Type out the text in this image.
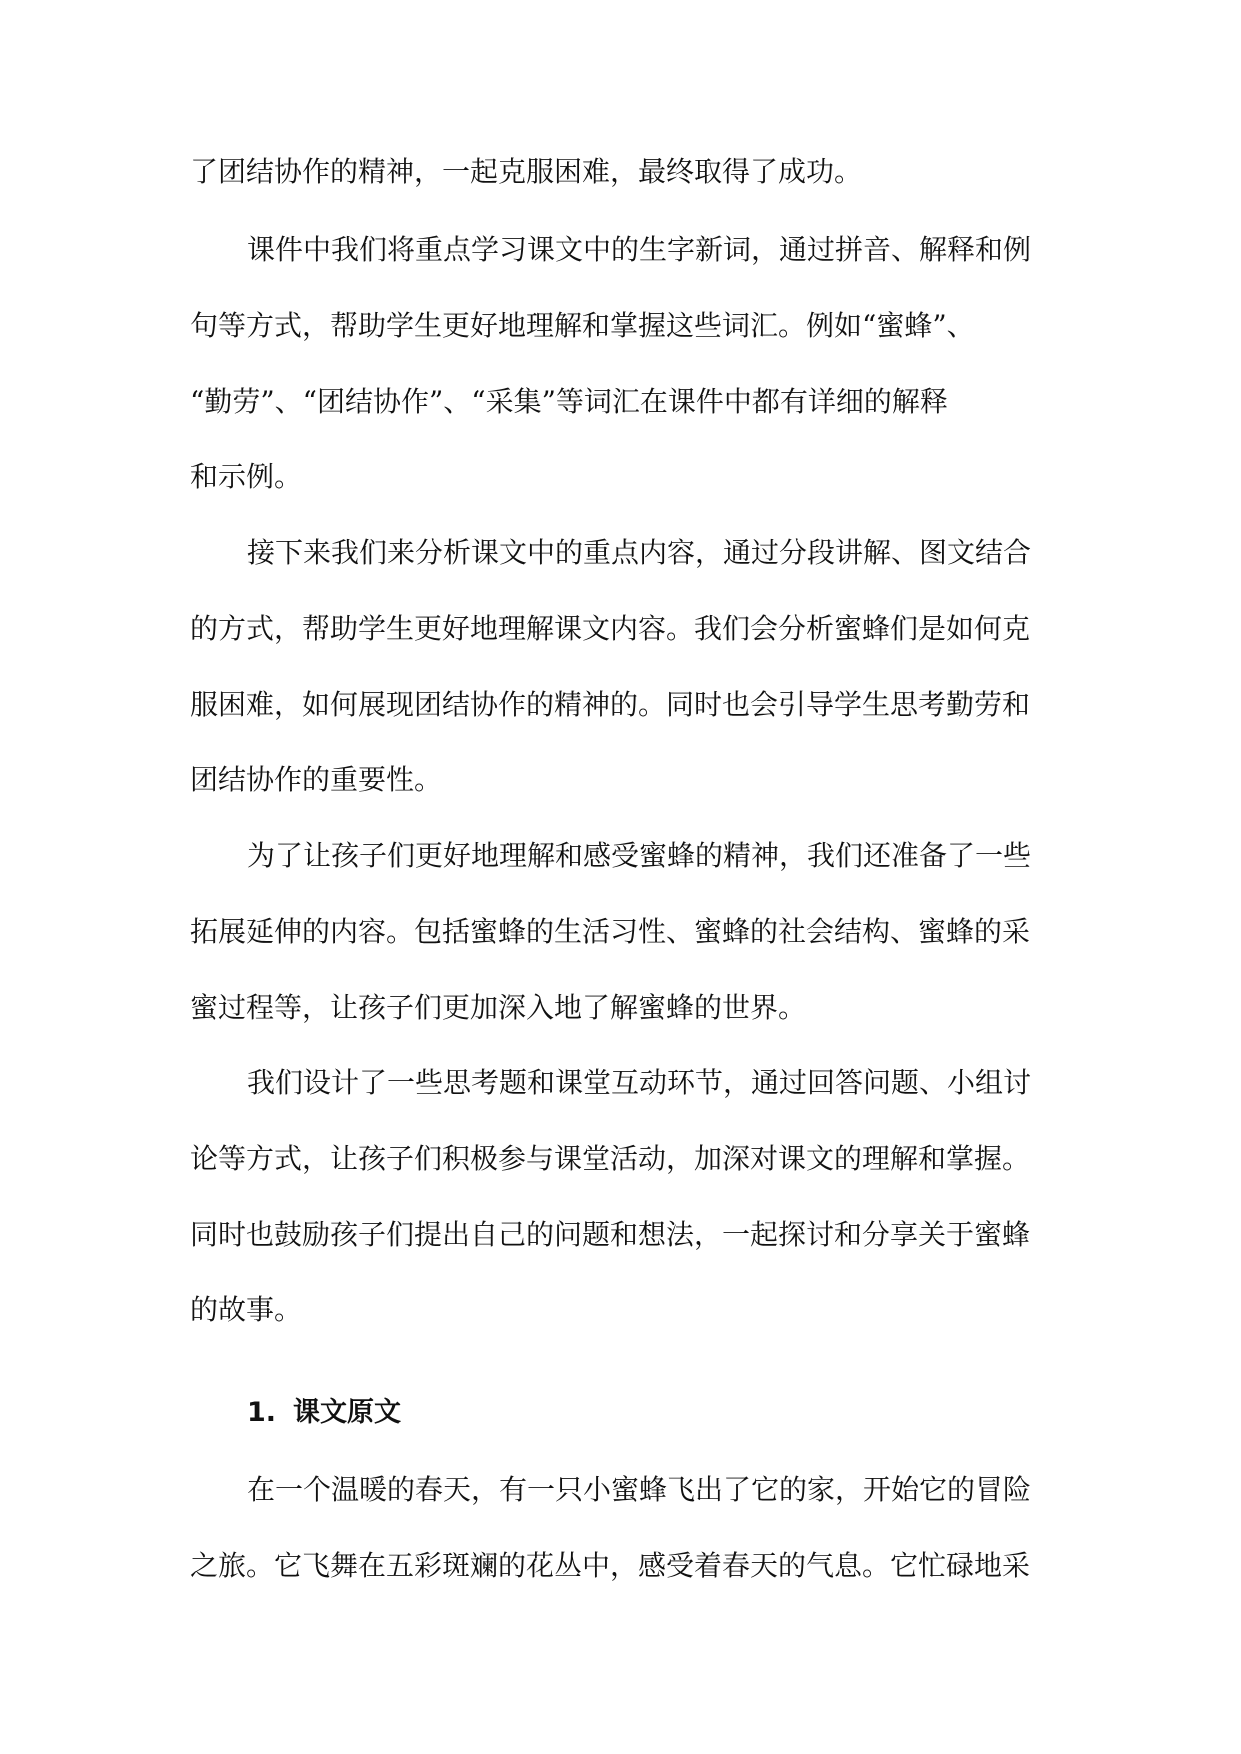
了团结协作的精神，一起克服困难，最终取得了成功。
课件中我们将重点学习课文中的生字新词，通过拼音、解释和例
句等方式，帮助学生更好地理解和掌握这些词汇。例如“蜜蜂”、
“勤劳”、“团结协作”、“采集”等词汇在课件中都有详细的解释
和示例。
接下来我们来分析课文中的重点内容，通过分段讲解、图文结合
的方式，帮助学生更好地理解课文内容。我们会分析蜜蜂们是如何克
服困难，如何展现团结协作的精神的。同时也会引导学生思考勤劳和
团结协作的重要性。
为了让孩子们更好地理解和感受蜜蜂的精神，我们还准备了一些
拓展延伸的内容。包括蜜蜂的生活习性、蜜蜂的社会结构、蜜蜂的采
蜜过程等，让孩子们更加深入地了解蜜蜂的世界。
我们设计了一些思考题和课堂互动环节，通过回答问题、小组讨
论等方式，让孩子们积极参与课堂活动，加深对课文的理解和掌握。
同时也鼓励孩子们提出自己的问题和想法，一起探讨和分享关于蜜蜂
的故事。
1. 课文原文
在一个温暖的春天，有一只小蜜蜂飞出了它的家，开始它的冒险
之旅。它飞舞在五彩斑斓的花丛中，感受着春天的气息。它忙碌地采
